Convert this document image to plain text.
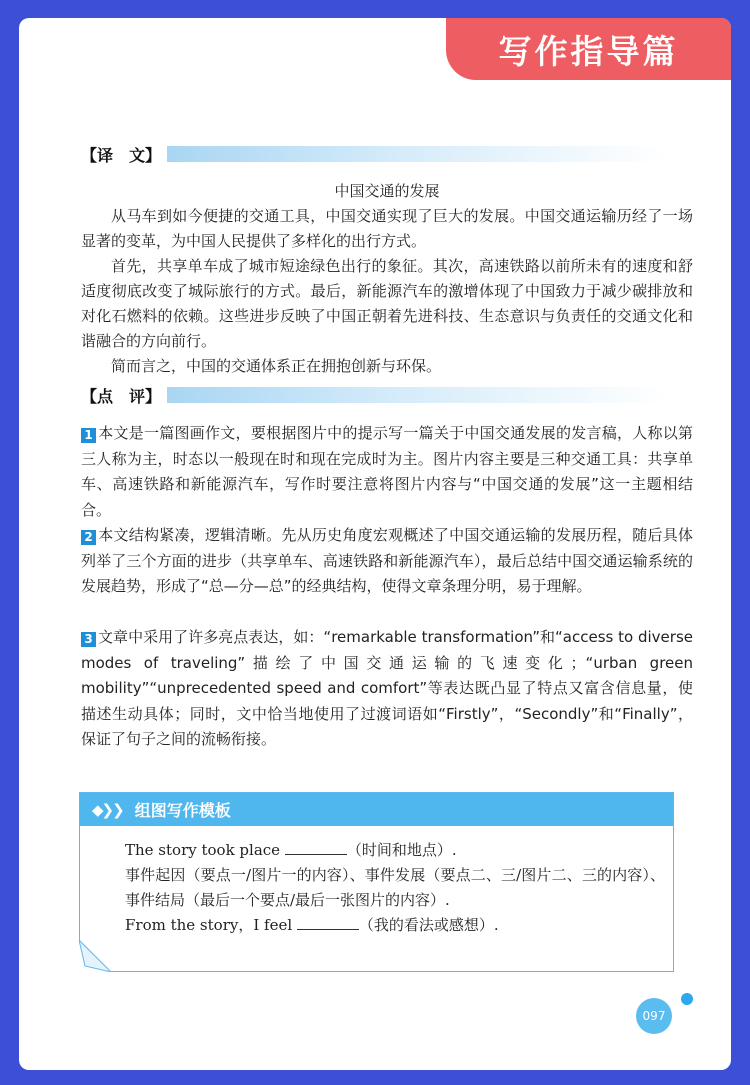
写作指导篇
【译　文】
中国交通的发展
从马车到如今便捷的交通工具，中国交通实现了巨大的发展。中国交通运输历经了一场显著的变革，为中国人民提供了多样化的出行方式。
首先，共享单车成了城市短途绿色出行的象征。其次，高速铁路以前所未有的速度和舒适度彻底改变了城际旅行的方式。最后，新能源汽车的激增体现了中国致力于减少碳排放和对化石燃料的依赖。这些进步反映了中国正朝着先进科技、生态意识与负责任的交通文化和谐融合的方向前行。
简而言之，中国的交通体系正在拥抱创新与环保。
【点　评】
1 本文是一篇图画作文，要根据图片中的提示写一篇关于中国交通发展的发言稿，人称以第三人称为主，时态以一般现在时和现在完成时为主。图片内容主要是三种交通工具：共享单车、高速铁路和新能源汽车，写作时要注意将图片内容与“中国交通的发展”这一主题相结合。
2 本文结构紧凑，逻辑清晰。先从历史角度宏观概述了中国交通运输的发展历程，随后具体列举了三个方面的进步（共享单车、高速铁路和新能源汽车），最后总结中国交通运输系统的发展趋势，形成了“总—分—总”的经典结构，使得文章条理分明，易于理解。
3 文章中采用了许多亮点表达，如：“remarkable transformation”和“access to diverse modes of traveling”描绘了中国交通运输的飞速变化；“urban green mobility”“unprecedented speed and comfort”等表达既凸显了特点又富含信息量，使描述生动具体；同时，文中恰当地使用了过渡词语如“Firstly”，“Secondly”和“Finally”，保证了句子之间的流畅衔接。
◆❯❯ 组图写作模板
The story took place	（时间和地点）.
事件起因（要点一/图片一的内容）、事件发展（要点二、三/图片二、三的内容）、事件结局（最后一个要点/最后一张图片的内容）.
From the story，I feel	（我的看法或感想）.
097
